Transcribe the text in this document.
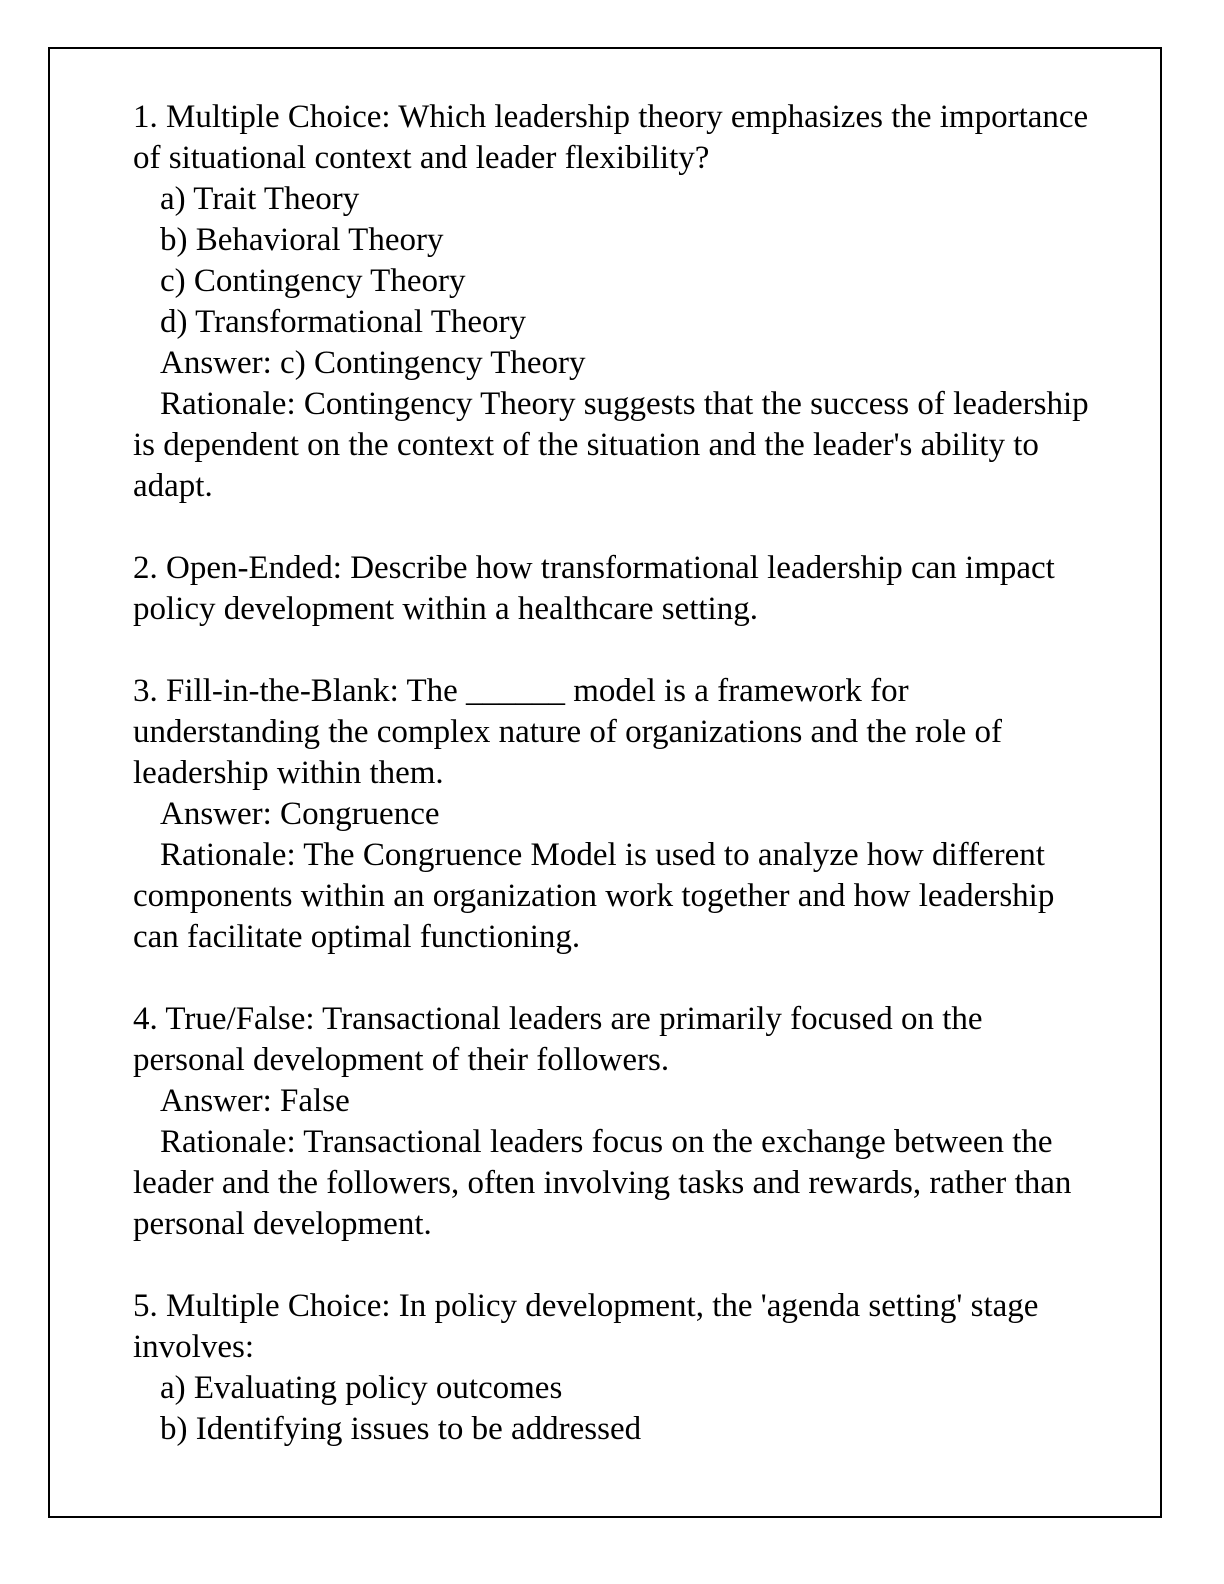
1. Multiple Choice: Which leadership theory emphasizes the importance of situational context and leader flexibility?

a) Trait Theory

b) Behavioral Theory

c) Contingency Theory

d) Transformational Theory

Answer: c) Contingency Theory

Rationale: Contingency Theory suggests that the success of leadership is dependent on the context of the situation and the leader's ability to adapt.

2. Open-Ended: Describe how transformational leadership can impact policy development within a healthcare setting.

3. Fill-in-the-Blank: The ______ model is a framework for understanding the complex nature of organizations and the role of leadership within them.

Answer: Congruence

Rationale: The Congruence Model is used to analyze how different components within an organization work together and how leadership can facilitate optimal functioning.

4. True/False: Transactional leaders are primarily focused on the personal development of their followers.

Answer: False

Rationale: Transactional leaders focus on the exchange between the leader and the followers, often involving tasks and rewards, rather than personal development.

5. Multiple Choice: In policy development, the 'agenda setting' stage involves:

a) Evaluating policy outcomes

b) Identifying issues to be addressed
